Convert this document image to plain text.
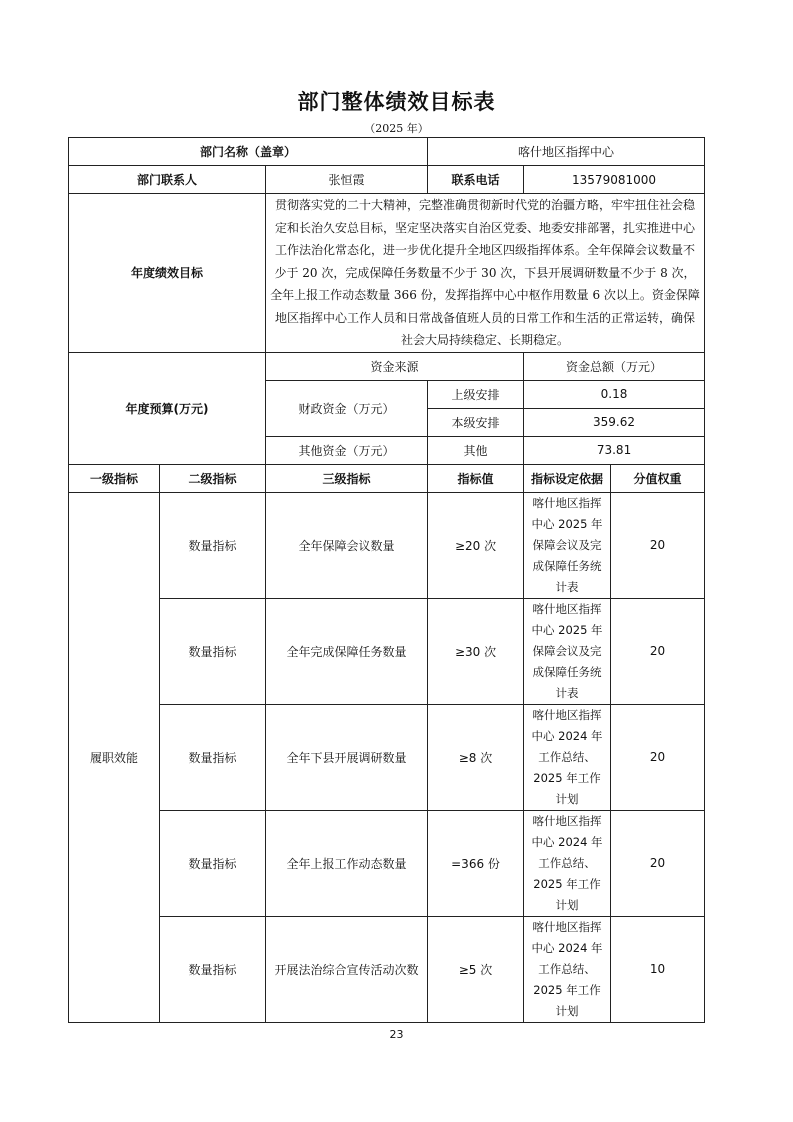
部门整体绩效目标表
（2025 年）
部门名称（盖章）			喀什地区指挥中心		
部门联系人		张恒霞	联系电话	13579081000	
年度绩效目标		贯彻落实党的二十大精神，完整准确贯彻新时代党的治疆方略，牢牢扭住社会稳定和长治久安总目标，坚定坚决落实自治区党委、地委安排部署，扎实推进中心工作法治化常态化，进一步优化提升全地区四级指挥体系。全年保障会议数量不少于 20 次，完成保障任务数量不少于 30 次，下县开展调研数量不少于 8 次，全年上报工作动态数量 366 份，发挥指挥中心中枢作用数量 6 次以上。资金保障地区指挥中心工作人员和日常战备值班人员的日常工作和生活的正常运转，确保社会大局持续稳定、长期稳定。			
年度预算(万元)		资金来源		资金总额（万元）	
		财政资金（万元）	上级安排	0.18	
			本级安排	359.62	
		其他资金（万元）	其他	73.81	
一级指标	二级指标	三级指标	指标值	指标设定依据	分值权重
履职效能	数量指标	全年保障会议数量	≥20 次	喀什地区指挥中心 2025 年保障会议及完成保障任务统计表	20
	数量指标	全年完成保障任务数量	≥30 次	喀什地区指挥中心 2025 年保障会议及完成保障任务统计表	20
	数量指标	全年下县开展调研数量	≥8 次	喀什地区指挥中心 2024 年工作总结、2025 年工作计划	20
	数量指标	全年上报工作动态数量	=366 份	喀什地区指挥中心 2024 年工作总结、2025 年工作计划	20
	数量指标	开展法治综合宣传活动次数	≥5 次	喀什地区指挥中心 2024 年工作总结、2025 年工作计划	10
23
